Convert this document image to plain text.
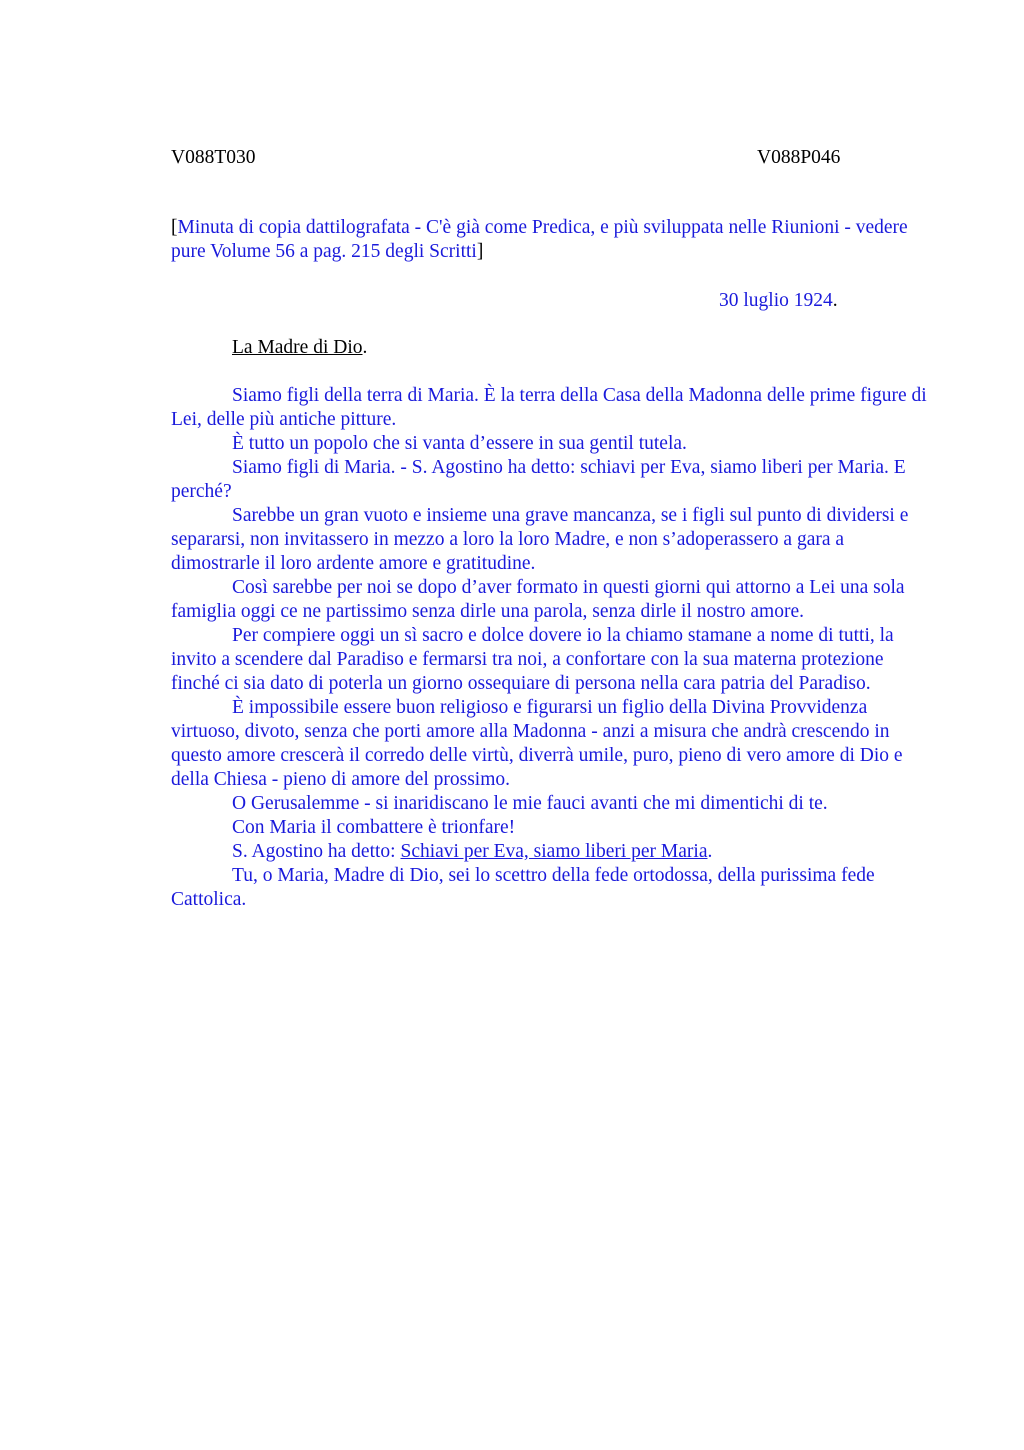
V088T030	V088P046
[Minuta di copia dattilografata - C'è già come Predica, e più sviluppata nelle Riunioni - vedere pure Volume 56 a pag. 215 degli Scritti]
30 luglio 1924.
La Madre di Dio.

Siamo figli della terra di Maria. È la terra della Casa della Madonna delle prime figure di Lei, delle più antiche pitture.

È tutto un popolo che si vanta d’essere in sua gentil tutela.

Siamo figli di Maria. - S. Agostino ha detto: schiavi per Eva, siamo liberi per Maria. E perché?

Sarebbe un gran vuoto e insieme una grave mancanza, se i figli sul punto di dividersi e separarsi, non invitassero in mezzo a loro la loro Madre, e non s’adoperassero a gara a dimostrarle il loro ardente amore e gratitudine.

Così sarebbe per noi se dopo d’aver formato in questi giorni qui attorno a Lei una sola famiglia oggi ce ne partissimo senza dirle una parola, senza dirle il nostro amore.

Per compiere oggi un sì sacro e dolce dovere io la chiamo stamane a nome di tutti, la invito a scendere dal Paradiso e fermarsi tra noi, a confortare con la sua materna protezione finché ci sia dato di poterla un giorno ossequiare di persona nella cara patria del Paradiso.

È impossibile essere buon religioso e figurarsi un figlio della Divina Provvidenza virtuoso, divoto, senza che porti amore alla Madonna - anzi a misura che andrà crescendo in questo amore crescerà il corredo delle virtù, diverrà umile, puro, pieno di vero amore di Dio e della Chiesa - pieno di amore del prossimo.

O Gerusalemme - si inaridiscano le mie fauci avanti che mi dimentichi di te.

Con Maria il combattere è trionfare!

S. Agostino ha detto: Schiavi per Eva, siamo liberi per Maria.

Tu, o Maria, Madre di Dio, sei lo scettro della fede ortodossa, della purissima fede Cattolica.
